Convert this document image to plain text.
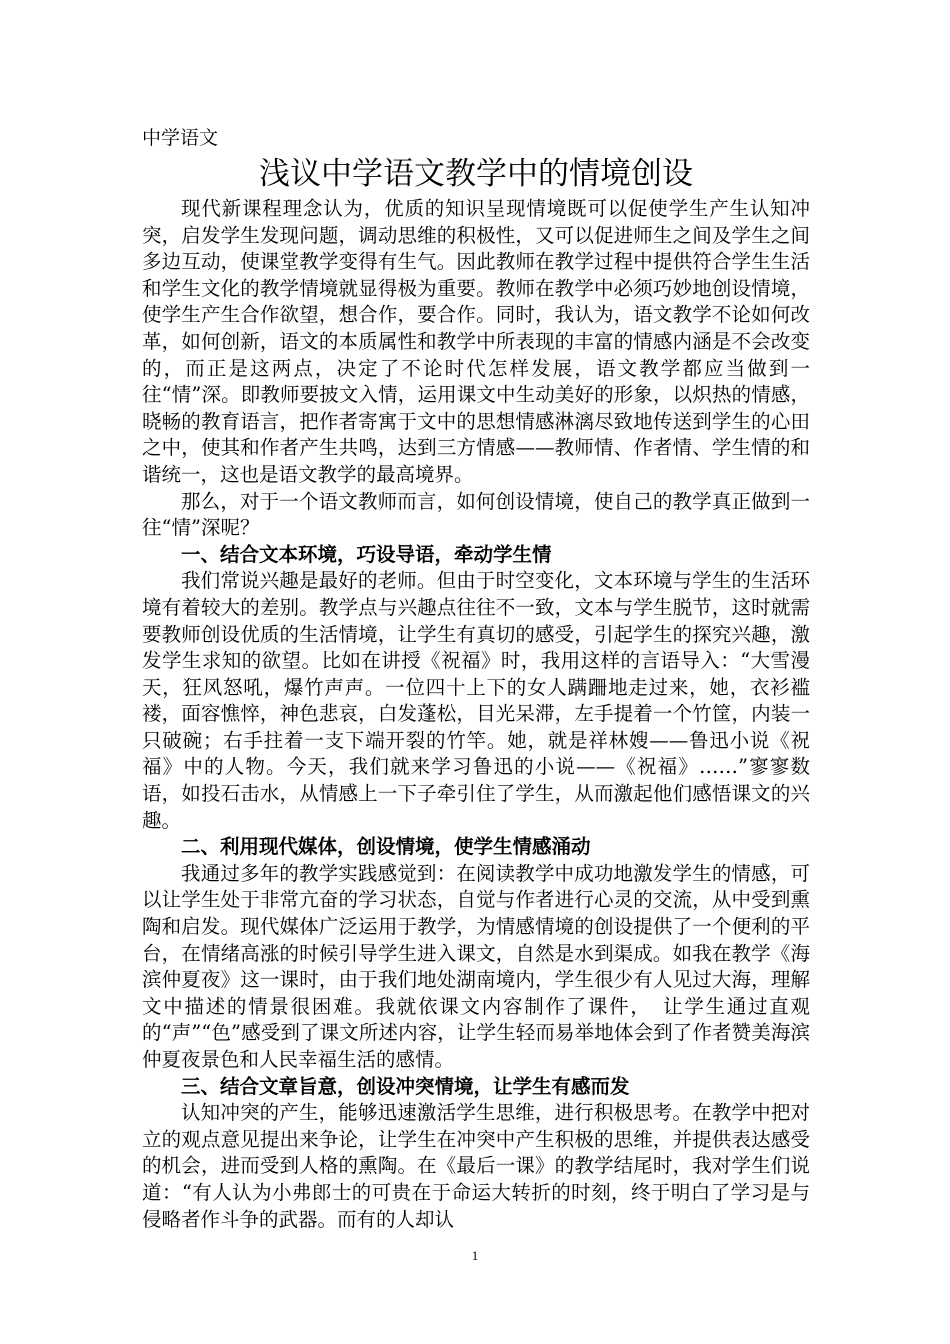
中学语文

浅议中学语文教学中的情境创设

现代新课程理念认为，优质的知识呈现情境既可以促使学生产生认知冲突，启发学生发现问题，调动思维的积极性，又可以促进师生之间及学生之间多边互动，使课堂教学变得有生气。因此教师在教学过程中提供符合学生生活和学生文化的教学情境就显得极为重要。教师在教学中必须巧妙地创设情境，使学生产生合作欲望，想合作，要合作。同时，我认为，语文教学不论如何改革，如何创新，语文的本质属性和教学中所表现的丰富的情感内涵是不会改变的，而正是这两点，决定了不论时代怎样发展，语文教学都应当做到一往“情”深。即教师要披文入情，运用课文中生动美好的形象，以炽热的情感，晓畅的教育语言，把作者寄寓于文中的思想情感淋漓尽致地传送到学生的心田之中，使其和作者产生共鸣，达到三方情感——教师情、作者情、学生情的和谐统一，这也是语文教学的最高境界。

那么，对于一个语文教师而言，如何创设情境，使自己的教学真正做到一往“情”深呢？

一、结合文本环境，巧设导语，牵动学生情

我们常说兴趣是最好的老师。但由于时空变化，文本环境与学生的生活环境有着较大的差别。教学点与兴趣点往往不一致，文本与学生脱节，这时就需要教师创设优质的生活情境，让学生有真切的感受，引起学生的探究兴趣，激发学生求知的欲望。比如在讲授《祝福》时，我用这样的言语导入：“大雪漫天，狂风怒吼，爆竹声声。一位四十上下的女人蹒跚地走过来，她，衣衫褴褛，面容憔悴，神色悲哀，白发蓬松，目光呆滞，左手提着一个竹筐，内装一只破碗；右手拄着一支下端开裂的竹竿。她，就是祥林嫂——鲁迅小说《祝福》中的人物。今天，我们就来学习鲁迅的小说——《祝福》……”寥寥数语，如投石击水，从情感上一下子牵引住了学生，从而激起他们感悟课文的兴趣。

二、利用现代媒体，创设情境，使学生情感涌动

我通过多年的教学实践感觉到：在阅读教学中成功地激发学生的情感，可以让学生处于非常亢奋的学习状态，自觉与作者进行心灵的交流，从中受到熏陶和启发。现代媒体广泛运用于教学，为情感情境的创设提供了一个便利的平台，在情绪高涨的时候引导学生进入课文，自然是水到渠成。如我在教学《海滨仲夏夜》这一课时，由于我们地处湖南境内，学生很少有人见过大海，理解文中描述的情景很困难。我就依课文内容制作了课件，　让学生通过直观的“声”“色”感受到了课文所述内容，让学生轻而易举地体会到了作者赞美海滨仲夏夜景色和人民幸福生活的感情。

三、结合文章旨意，创设冲突情境，让学生有感而发

认知冲突的产生，能够迅速激活学生思维，进行积极思考。在教学中把对立的观点意见提出来争论，让学生在冲突中产生积极的思维，并提供表达感受的机会，进而受到人格的熏陶。在《最后一课》的教学结尾时，我对学生们说道：“有人认为小弗郎士的可贵在于命运大转折的时刻，终于明白了学习是与侵略者作斗争的武器。而有的人却认

1
